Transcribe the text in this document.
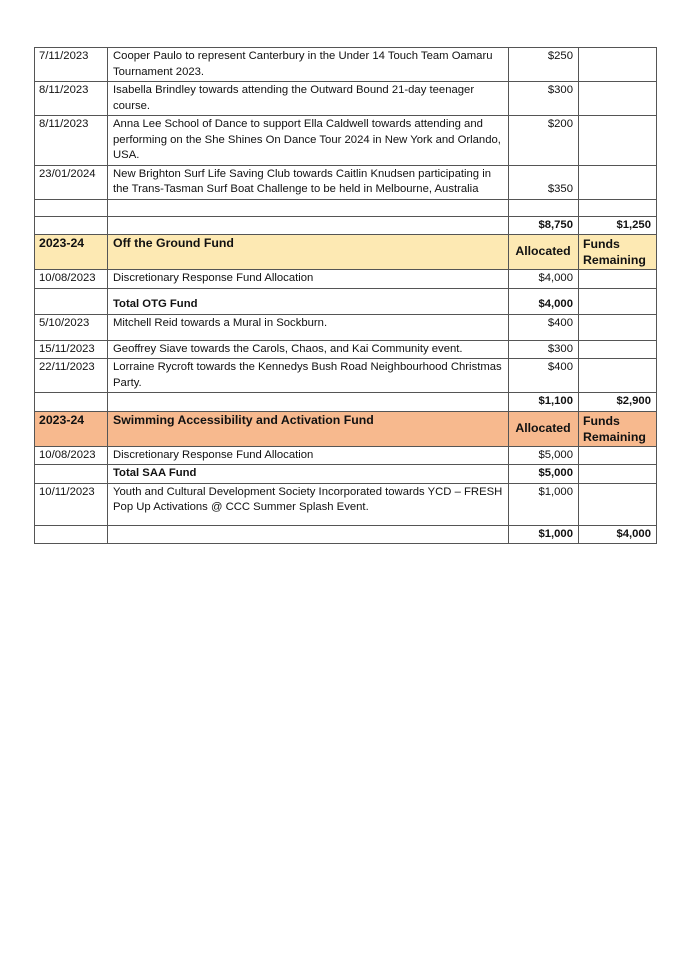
7/11/2023	Cooper Paulo to represent Canterbury in the Under 14 Touch Team Oamaru Tournament 2023.	$250	
8/11/2023	Isabella Brindley towards attending the Outward Bound 21-day teenager course.	$300	
8/11/2023	Anna Lee School of Dance to support Ella Caldwell towards attending and performing on the She Shines On Dance Tour 2024 in New York and Orlando, USA.	$200	
23/01/2024	New Brighton Surf Life Saving Club towards Caitlin Knudsen participating in the Trans-Tasman Surf Boat Challenge to be held in Melbourne, Australia	$350	

		$8,750	$1,250
2023-24	Off the Ground Fund	Allocated	Funds Remaining
10/08/2023	Discretionary Response Fund Allocation	$4,000	
	Total OTG Fund	$4,000	
5/10/2023	Mitchell Reid towards a Mural in Sockburn.	$400	
15/11/2023	Geoffrey Siave towards the Carols, Chaos, and Kai Community event.	$300	
22/11/2023	Lorraine Rycroft towards the Kennedys Bush Road Neighbourhood Christmas Party.	$400	
		$1,100	$2,900
2023-24	Swimming Accessibility and Activation Fund	Allocated	Funds Remaining
10/08/2023	Discretionary Response Fund Allocation	$5,000	
	Total SAA Fund	$5,000	
10/11/2023	Youth and Cultural Development Society Incorporated towards YCD – FRESH Pop Up Activations @ CCC Summer Splash Event.	$1,000	
		$1,000	$4,000
